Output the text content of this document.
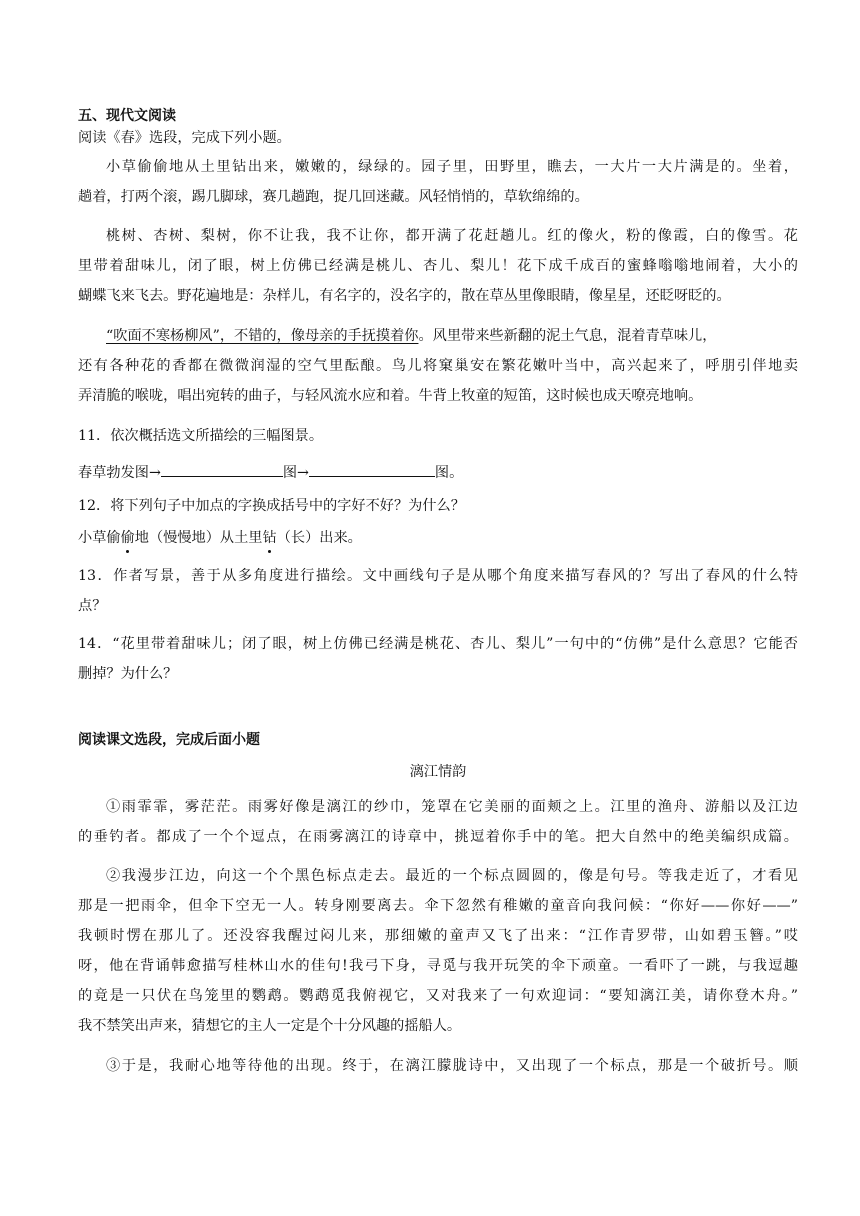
五、现代文阅读
阅读《春》选段，完成下列小题。
小草偷偷地从土里钻出来，嫩嫩的，绿绿的。园子里，田野里，瞧去，一大片一大片满是的。坐着，
趟着，打两个滚，踢几脚球，赛几趟跑，捉几回迷藏。风轻悄悄的，草软绵绵的。
桃树、杏树、梨树，你不让我，我不让你，都开满了花赶趟儿。红的像火，粉的像霞，白的像雪。花
里带着甜味儿，闭了眼，树上仿佛已经满是桃儿、杏儿、梨儿！花下成千成百的蜜蜂嗡嗡地闹着，大小的
蝴蝶飞来飞去。野花遍地是：杂样儿，有名字的，没名字的，散在草丛里像眼睛，像星星，还眨呀眨的。
“吹面不寒杨柳风”，不错的，像母亲的手抚摸着你。风里带来些新翻的泥土气息，混着青草味儿，
还有各种花的香都在微微润湿的空气里酝酿。鸟儿将窠巢安在繁花嫩叶当中，高兴起来了，呼朋引伴地卖
弄清脆的喉咙，唱出宛转的曲子，与轻风流水应和着。牛背上牧童的短笛，这时候也成天嘹亮地响。
11．依次概括选文所描绘的三幅图景。
春草勃发图→	图→	图。
12．将下列句子中加点的字换成括号中的字好不好？为什么？
小草偷偷地（慢慢地）从土里钻（长）出来。
13．作者写景，善于从多角度进行描绘。文中画线句子是从哪个角度来描写春风的？写出了春风的什么特
点？
14．“花里带着甜味儿；闭了眼，树上仿佛已经满是桃花、杏儿、梨儿”一句中的“仿佛”是什么意思？它能否
删掉？为什么？
阅读课文选段，完成后面小题
漓江情韵
①雨霏霏，雾茫茫。雨雾好像是漓江的纱巾，笼罩在它美丽的面颊之上。江里的渔舟、游船以及江边
的垂钓者。都成了一个个逗点，在雨雾漓江的诗章中，挑逗着你手中的笔。把大自然中的绝美编织成篇。
②我漫步江边，向这一个个黑色标点走去。最近的一个标点圆圆的，像是句号。等我走近了，才看见
那是一把雨伞，但伞下空无一人。转身刚要离去。伞下忽然有稚嫩的童音向我问候：“你好——你好——”
我顿时愣在那儿了。还没容我醒过闷儿来，那细嫩的童声又飞了出来：“江作青罗带，山如碧玉簪。”哎
呀，他在背诵韩愈描写桂林山水的佳句!我弓下身，寻觅与我开玩笑的伞下顽童。一看吓了一跳，与我逗趣
的竟是一只伏在鸟笼里的鹦鹉。鹦鹉觅我俯视它，又对我来了一句欢迎词：“要知漓江美，请你登木舟。”
我不禁笑出声来，猜想它的主人一定是个十分风趣的摇船人。
③于是，我耐心地等待他的出现。终于，在漓江朦胧诗中，又出现了一个标点，那是一个破折号。顺
